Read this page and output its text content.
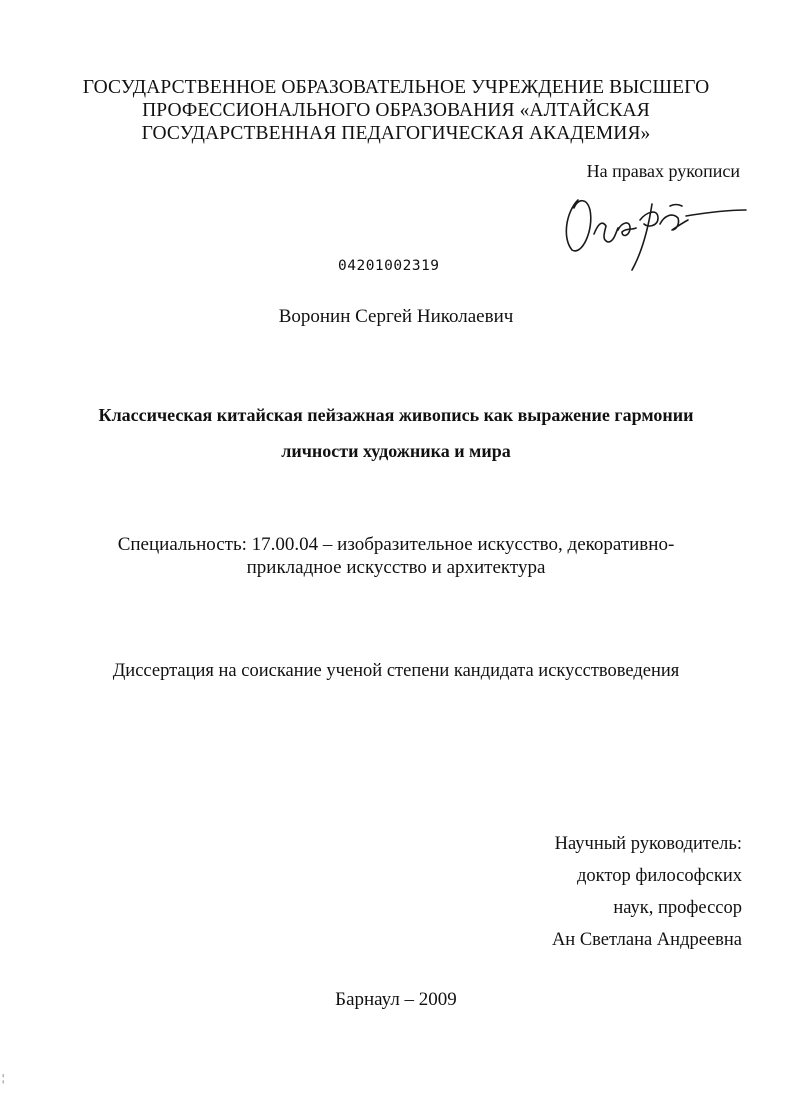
ГОСУДАРСТВЕННОЕ ОБРАЗОВАТЕЛЬНОЕ УЧРЕЖДЕНИЕ ВЫСШЕГО
ПРОФЕССИОНАЛЬНОГО ОБРАЗОВАНИЯ «АЛТАЙСКАЯ
ГОСУДАРСТВЕННАЯ ПЕДАГОГИЧЕСКАЯ АКАДЕМИЯ»
На правах рукописи
04201002319
Воронин Сергей Николаевич
Классическая китайская пейзажная живопись как выражение гармонии
личности художника и мира
Специальность: 17.00.04 – изобразительное искусство, декоративно-
прикладное искусство и архитектура
Диссертация на соискание ученой степени кандидата искусствоведения
Научный руководитель:
доктор философских
наук, профессор
Ан Светлана Андреевна
Барнаул – 2009
¦
